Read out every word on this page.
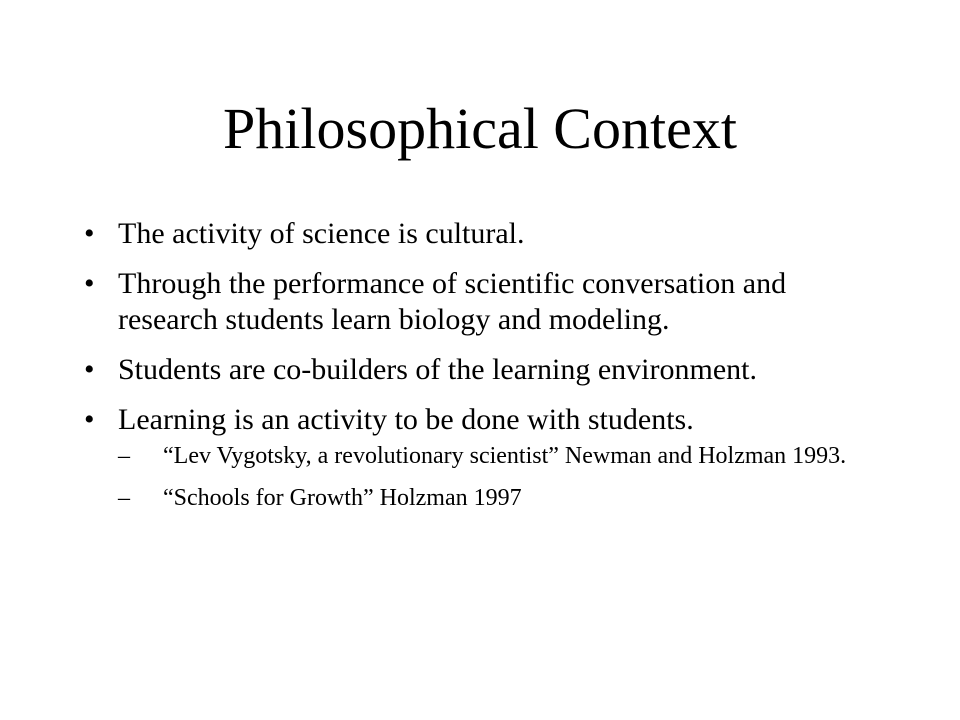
Philosophical Context
• The activity of science is cultural.
• Through the performance of scientific conversation and research students learn biology and modeling.
• Students are co-builders of the learning environment.
• Learning is an activity to be done with students.
– “Lev Vygotsky, a revolutionary scientist” Newman and Holzman 1993.
– “Schools for Growth” Holzman 1997
